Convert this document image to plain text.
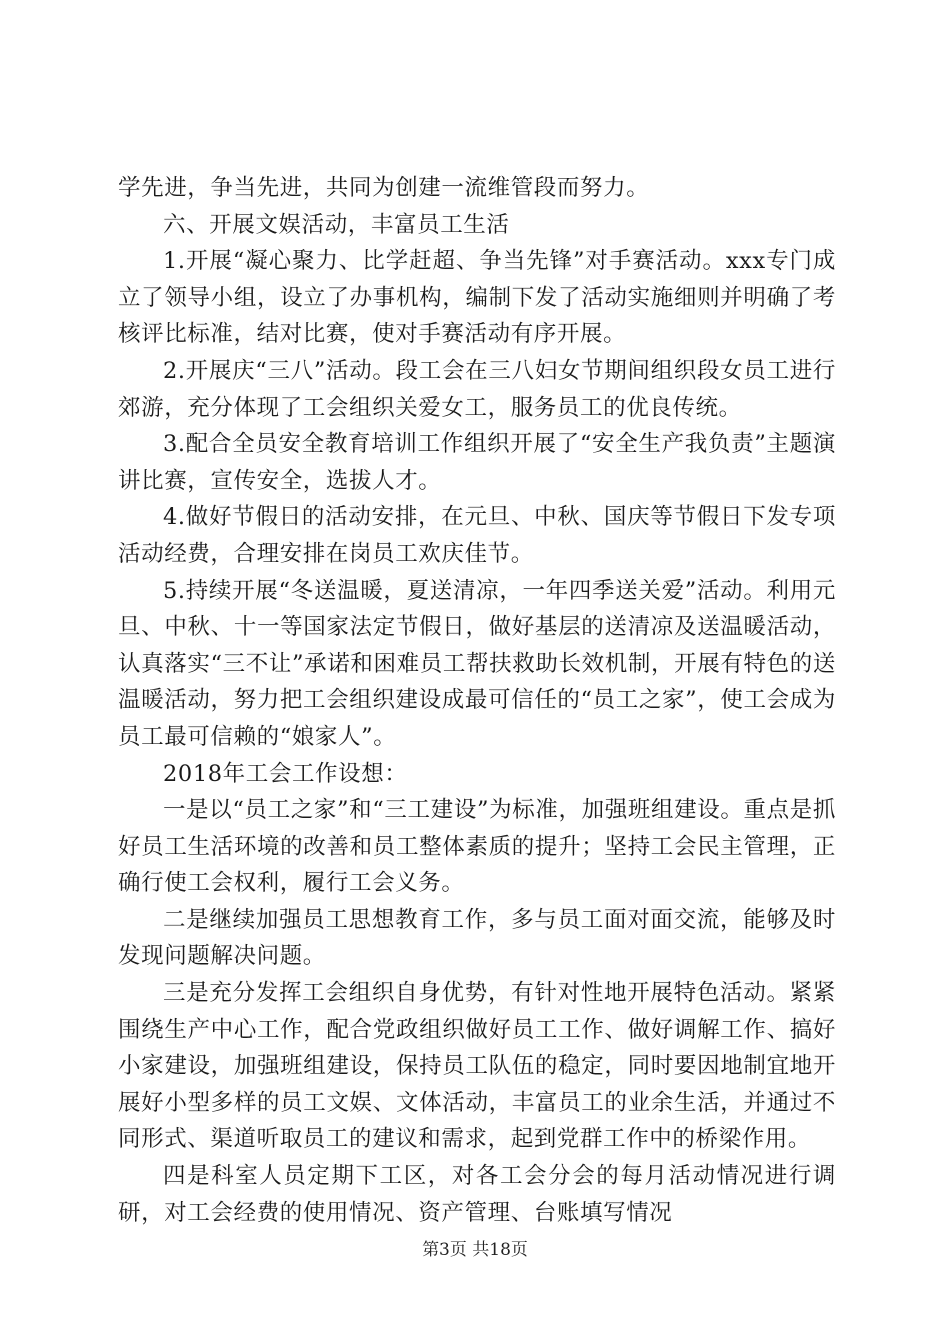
学先进，争当先进，共同为创建一流维管段而努力。

六、开展文娱活动，丰富员工生活

1.开展“凝心聚力、比学赶超、争当先锋”对手赛活动。xxx专门成立了领导小组，设立了办事机构，编制下发了活动实施细则并明确了考核评比标准，结对比赛，使对手赛活动有序开展。

2.开展庆“三八”活动。段工会在三八妇女节期间组织段女员工进行郊游，充分体现了工会组织关爱女工，服务员工的优良传统。

3.配合全员安全教育培训工作组织开展了“安全生产我负责”主题演讲比赛，宣传安全，选拔人才。

4.做好节假日的活动安排，在元旦、中秋、国庆等节假日下发专项活动经费，合理安排在岗员工欢庆佳节。

5.持续开展“冬送温暖，夏送清凉，一年四季送关爱”活动。利用元旦、中秋、十一等国家法定节假日，做好基层的送清凉及送温暖活动，认真落实“三不让”承诺和困难员工帮扶救助长效机制，开展有特色的送温暖活动，努力把工会组织建设成最可信任的“员工之家”，使工会成为员工最可信赖的“娘家人”。

2018年工会工作设想：

一是以“员工之家”和“三工建设”为标准，加强班组建设。重点是抓好员工生活环境的改善和员工整体素质的提升；坚持工会民主管理，正确行使工会权利，履行工会义务。

二是继续加强员工思想教育工作，多与员工面对面交流，能够及时发现问题解决问题。

三是充分发挥工会组织自身优势，有针对性地开展特色活动。紧紧围绕生产中心工作，配合党政组织做好员工工作、做好调解工作、搞好小家建设，加强班组建设，保持员工队伍的稳定，同时要因地制宜地开展好小型多样的员工文娱、文体活动，丰富员工的业余生活，并通过不同形式、渠道听取员工的建议和需求，起到党群工作中的桥梁作用。

四是科室人员定期下工区，对各工会分会的每月活动情况进行调研，对工会经费的使用情况、资产管理、台账填写情况

第3页 共18页
